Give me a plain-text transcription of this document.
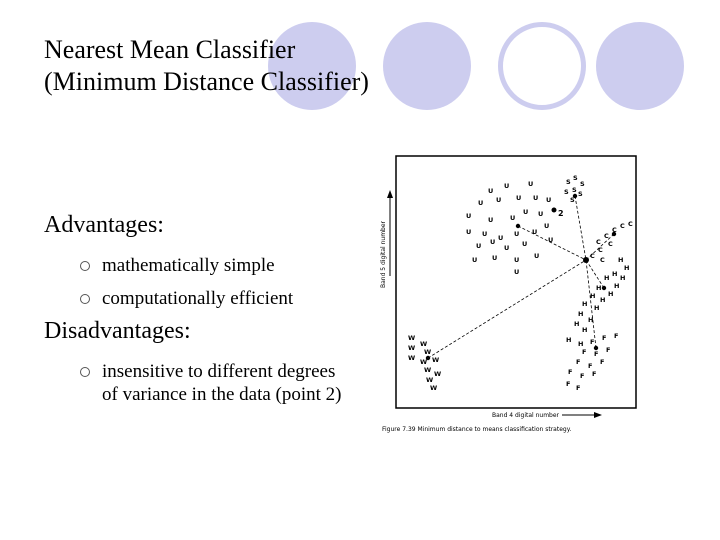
Nearest Mean Classifier
(Minimum Distance Classifier)
Advantages:
mathematically simple
computationally efficient
Disadvantages:
insensitive to different degrees of variance in the data (point 2)
Band 5 digital number
Band 4 digital number
Figure 7.39 Minimum distance to means classification strategy.
2
U
U	U
U U U U U
U	U	U
U U
U U U U U
U
U U
U U	U
U U	U U
U
S S
S
S S S
S
C
C
C C
C
C
C C
C
H
H
H H
H
H
H
H
H H
H H
H
H
H
H
H H F F F
F F F
F F F
F F F
F F
W
W
W W
W W W
W W
W
W
